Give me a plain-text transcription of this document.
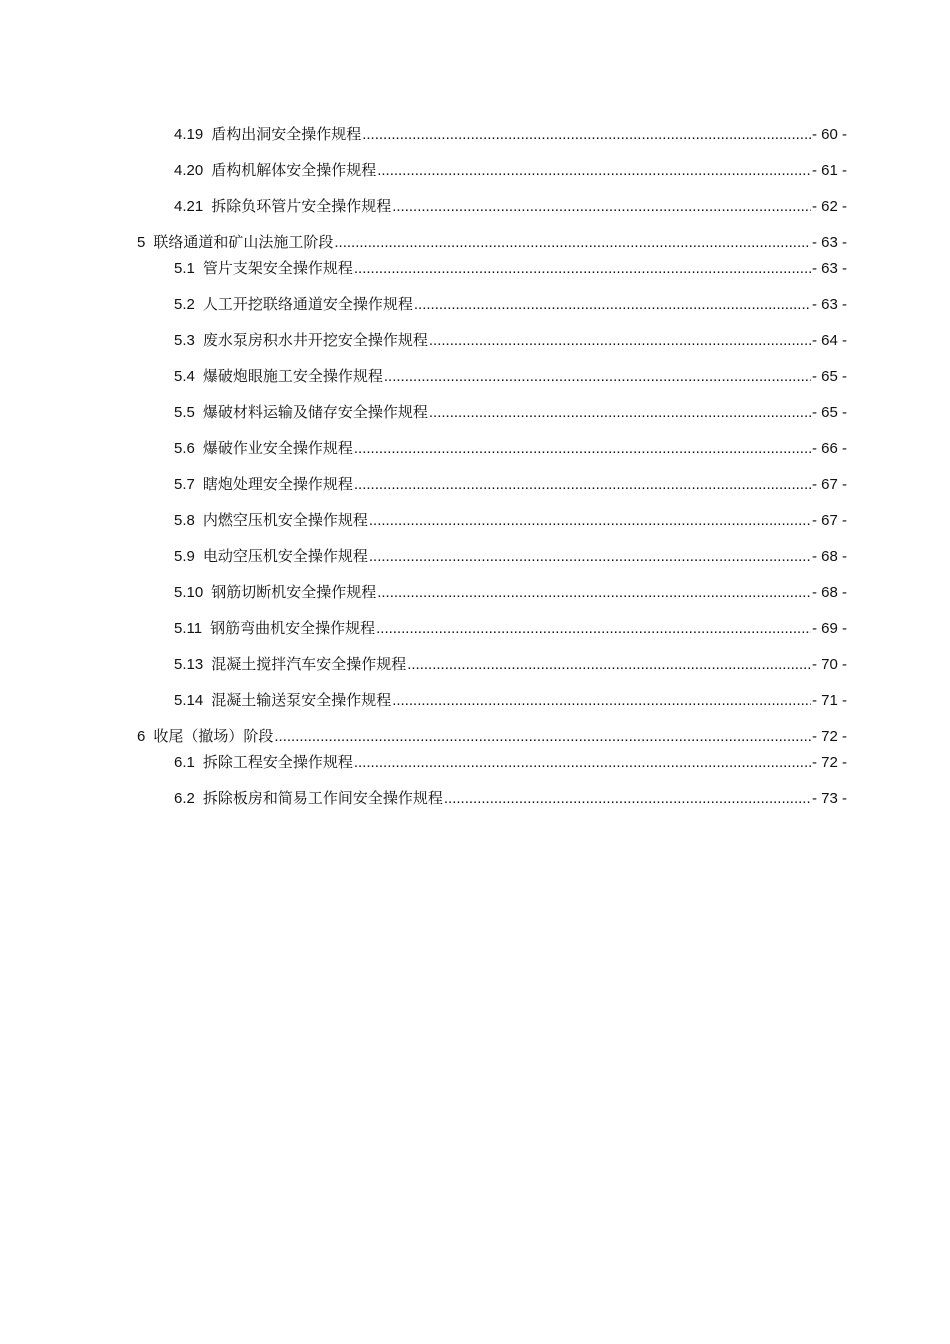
4.19 盾构出洞安全操作规程 .....	- 60 -
4.20 盾构机解体安全操作规程 .....	- 61 -
4.21 拆除负环管片安全操作规程 .....	- 62 -
5 联络通道和矿山法施工阶段 .....	- 63 -
5.1 管片支架安全操作规程 .....	- 63 -
5.2 人工开挖联络通道安全操作规程 .....	- 63 -
5.3 废水泵房积水井开挖安全操作规程 .....	- 64 -
5.4 爆破炮眼施工安全操作规程 .....	- 65 -
5.5 爆破材料运输及储存安全操作规程 .....	- 65 -
5.6 爆破作业安全操作规程 .....	- 66 -
5.7 瞎炮处理安全操作规程 .....	- 67 -
5.8 内燃空压机安全操作规程 .....	- 67 -
5.9 电动空压机安全操作规程 .....	- 68 -
5.10 钢筋切断机安全操作规程 .....	- 68 -
5.11 钢筋弯曲机安全操作规程 .....	- 69 -
5.13 混凝土搅拌汽车安全操作规程 .....	- 70 -
5.14 混凝土输送泵安全操作规程 .....	- 71 -
6 收尾（撤场）阶段 .....	- 72 -
6.1 拆除工程安全操作规程 .....	- 72 -
6.2 拆除板房和简易工作间安全操作规程 .....	- 73 -
